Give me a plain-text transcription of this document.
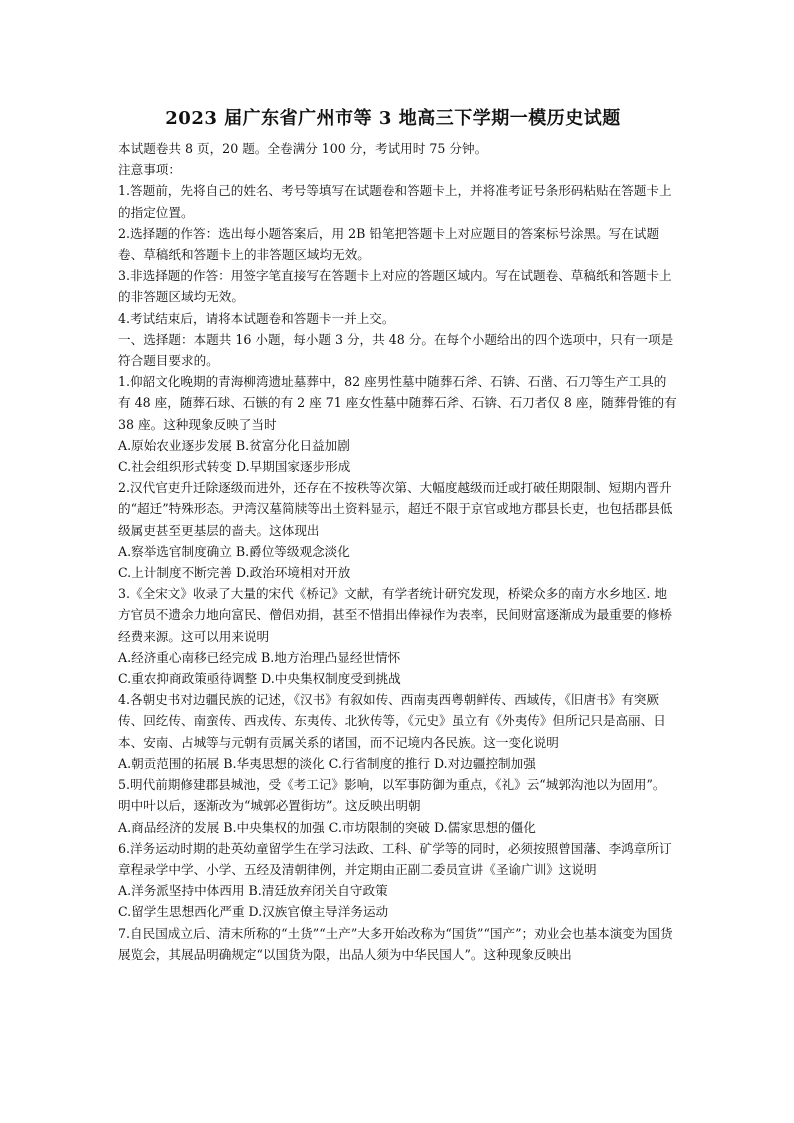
2023 届广东省广州市等 3 地高三下学期一模历史试题

本试题卷共 8 页，20 题。全卷满分 100 分，考试用时 75 分钟。

注意事项：

1.答题前，先将自己的姓名、考号等填写在试题卷和答题卡上，并将准考证号条形码粘贴在答题卡上的指定位置。

2.选择题的作答：选出每小题答案后，用 2B 铅笔把答题卡上对应题目的答案标号涂黑。写在试题卷、草稿纸和答题卡上的非答题区域均无效。

3.非选择题的作答：用签字笔直接写在答题卡上对应的答题区域内。写在试题卷、草稿纸和答题卡上的非答题区域均无效。

4.考试结束后，请将本试题卷和答题卡一并上交。

一、选择题：本题共 16 小题，每小题 3 分，共 48 分。在每个小题给出的四个选项中，只有一项是符合题目要求的。

1.仰韶文化晚期的青海柳湾遗址墓葬中，82 座男性墓中随葬石斧、石锛、石凿、石刀等生产工具的有 48 座，随葬石球、石镞的有 2 座 71 座女性墓中随葬石斧、石锛、石刀者仅 8 座，随葬骨锥的有 38 座。这种现象反映了当时

A.原始农业逐步发展 B.贫富分化日益加剧

C.社会组织形式转变 D.早期国家逐步形成

2.汉代官吏升迁除逐级而进外，还存在不按秩等次第、大幅度越级而迁或打破任期限制、短期内晋升的“超迁”特殊形态。尹湾汉墓简牍等出土资料显示，超迁不限于京官或地方郡县长吏，也包括郡县低级属吏甚至更基层的啬夫。这体现出

A.察举选官制度确立 B.爵位等级观念淡化

C.上计制度不断完善 D.政治环境相对开放

3.《全宋文》收录了大量的宋代《桥记》文献，有学者统计研究发现，桥梁众多的南方水乡地区. 地方官员不遗余力地向富民、僧侣劝捐，甚至不惜捐出俸禄作为表率，民间财富逐渐成为最重要的修桥经费来源。这可以用来说明

A.经济重心南移已经完成 B.地方治理凸显经世情怀

C.重农抑商政策亟待调整 D.中央集权制度受到挑战

4.各朝史书对边疆民族的记述，《汉书》有叙如传、西南夷西粤朝鲜传、西域传，《旧唐书》有突厥传、回纥传、南蛮传、西戎传、东夷传、北狄传等，《元史》虽立有《外夷传》但所记只是高丽、日本、安南、占城等与元朝有贡属关系的诸国，而不记境内各民族。这一变化说明

A.朝贡范围的拓展 B.华夷思想的淡化 C.行省制度的推行 D.对边疆控制加强

5.明代前期修建郡县城池，受《考工记》影响，以军事防御为重点，《礼》云“城郭沟池以为固用”。明中叶以后，逐渐改为“城郭必置街坊”。这反映出明朝

A.商品经济的发展 B.中央集权的加强 C.市坊限制的突破 D.儒家思想的僵化

6.洋务运动时期的赴英幼童留学生在学习法政、工科、矿学等的同时，必须按照曾国藩、李鸿章所订章程录学中学、小学、五经及清朝律例，并定期由正副二委员宣讲《圣谕广训》这说明

A.洋务派坚持中体西用 B.清廷放弃闭关自守政策

C.留学生思想西化严重 D.汉族官僚主导洋务运动

7.自民国成立后、清末所称的“土货”“土产”大多开始改称为“国货”“国产”；劝业会也基本演变为国货展览会，其展品明确规定“以国货为限，出品人须为中华民国人”。这种现象反映出
